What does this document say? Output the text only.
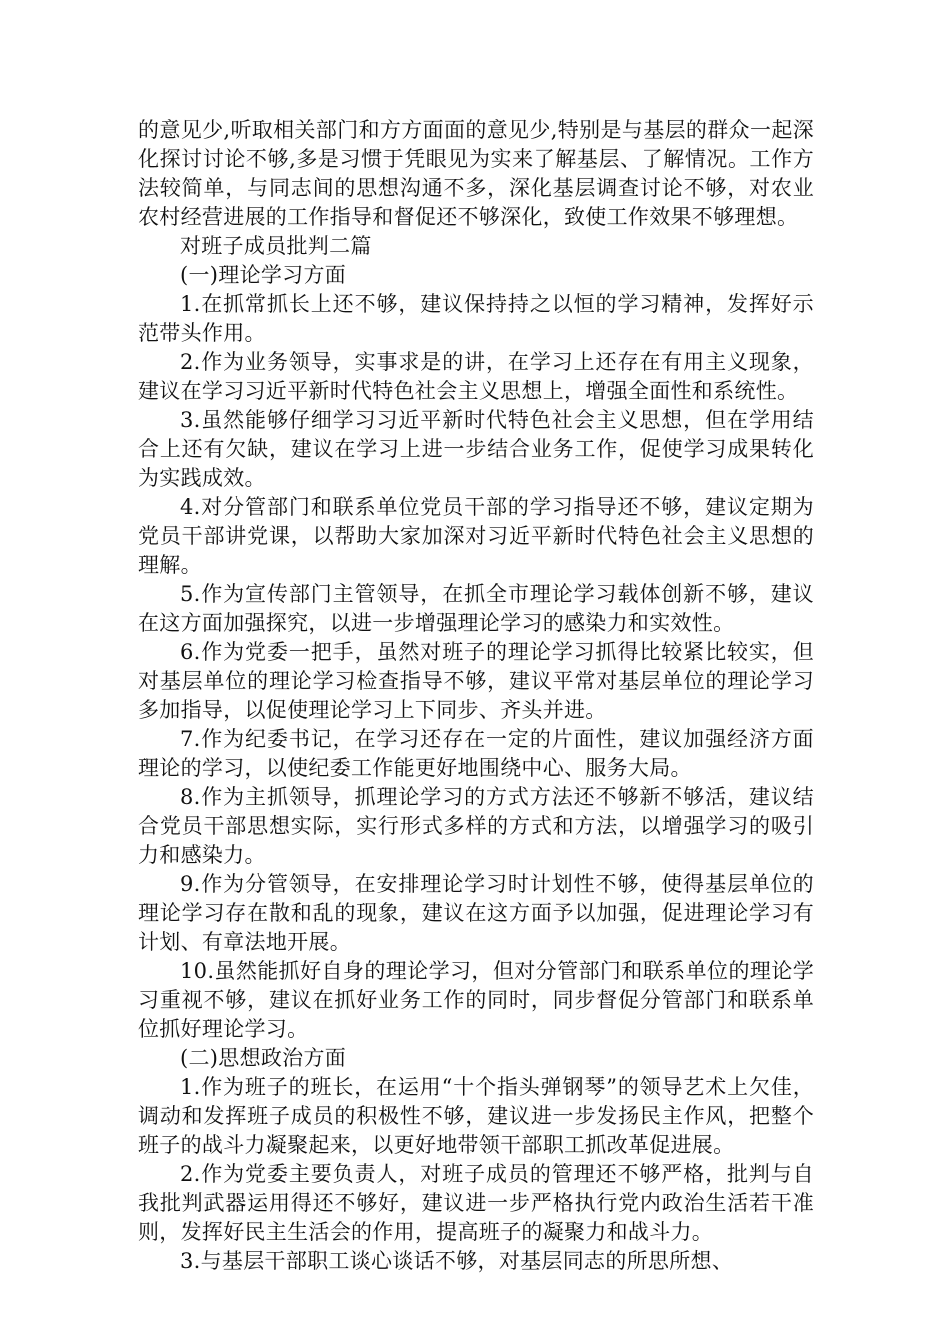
的意见少,听取相关部门和方方面面的意见少,特别是与基层的群众一起深化探讨讨论不够,多是习惯于凭眼见为实来了解基层、了解情况。工作方法较简单，与同志间的思想沟通不多，深化基层调查讨论不够，对农业农村经营进展的工作指导和督促还不够深化，致使工作效果不够理想。

对班子成员批判二篇

(一)理论学习方面

1.在抓常抓长上还不够，建议保持持之以恒的学习精神，发挥好示范带头作用。

2.作为业务领导，实事求是的讲，在学习上还存在有用主义现象，建议在学习习近平新时代特色社会主义思想上，增强全面性和系统性。

3.虽然能够仔细学习习近平新时代特色社会主义思想，但在学用结合上还有欠缺，建议在学习上进一步结合业务工作，促使学习成果转化为实践成效。

4.对分管部门和联系单位党员干部的学习指导还不够，建议定期为党员干部讲党课，以帮助大家加深对习近平新时代特色社会主义思想的理解。

5.作为宣传部门主管领导，在抓全市理论学习载体创新不够，建议在这方面加强探究，以进一步增强理论学习的感染力和实效性。

6.作为党委一把手，虽然对班子的理论学习抓得比较紧比较实，但对基层单位的理论学习检查指导不够，建议平常对基层单位的理论学习多加指导，以促使理论学习上下同步、齐头并进。

7.作为纪委书记，在学习还存在一定的片面性，建议加强经济方面理论的学习，以使纪委工作能更好地围绕中心、服务大局。

8.作为主抓领导，抓理论学习的方式方法还不够新不够活，建议结合党员干部思想实际，实行形式多样的方式和方法，以增强学习的吸引力和感染力。

9.作为分管领导，在安排理论学习时计划性不够，使得基层单位的理论学习存在散和乱的现象，建议在这方面予以加强，促进理论学习有计划、有章法地开展。

10.虽然能抓好自身的理论学习，但对分管部门和联系单位的理论学习重视不够，建议在抓好业务工作的同时，同步督促分管部门和联系单位抓好理论学习。

(二)思想政治方面

1.作为班子的班长，在运用“十个指头弹钢琴”的领导艺术上欠佳，调动和发挥班子成员的积极性不够，建议进一步发扬民主作风，把整个班子的战斗力凝聚起来，以更好地带领干部职工抓改革促进展。

2.作为党委主要负责人，对班子成员的管理还不够严格，批判与自我批判武器运用得还不够好，建议进一步严格执行党内政治生活若干准则，发挥好民主生活会的作用，提高班子的凝聚力和战斗力。

3.与基层干部职工谈心谈话不够，对基层同志的所思所想、
